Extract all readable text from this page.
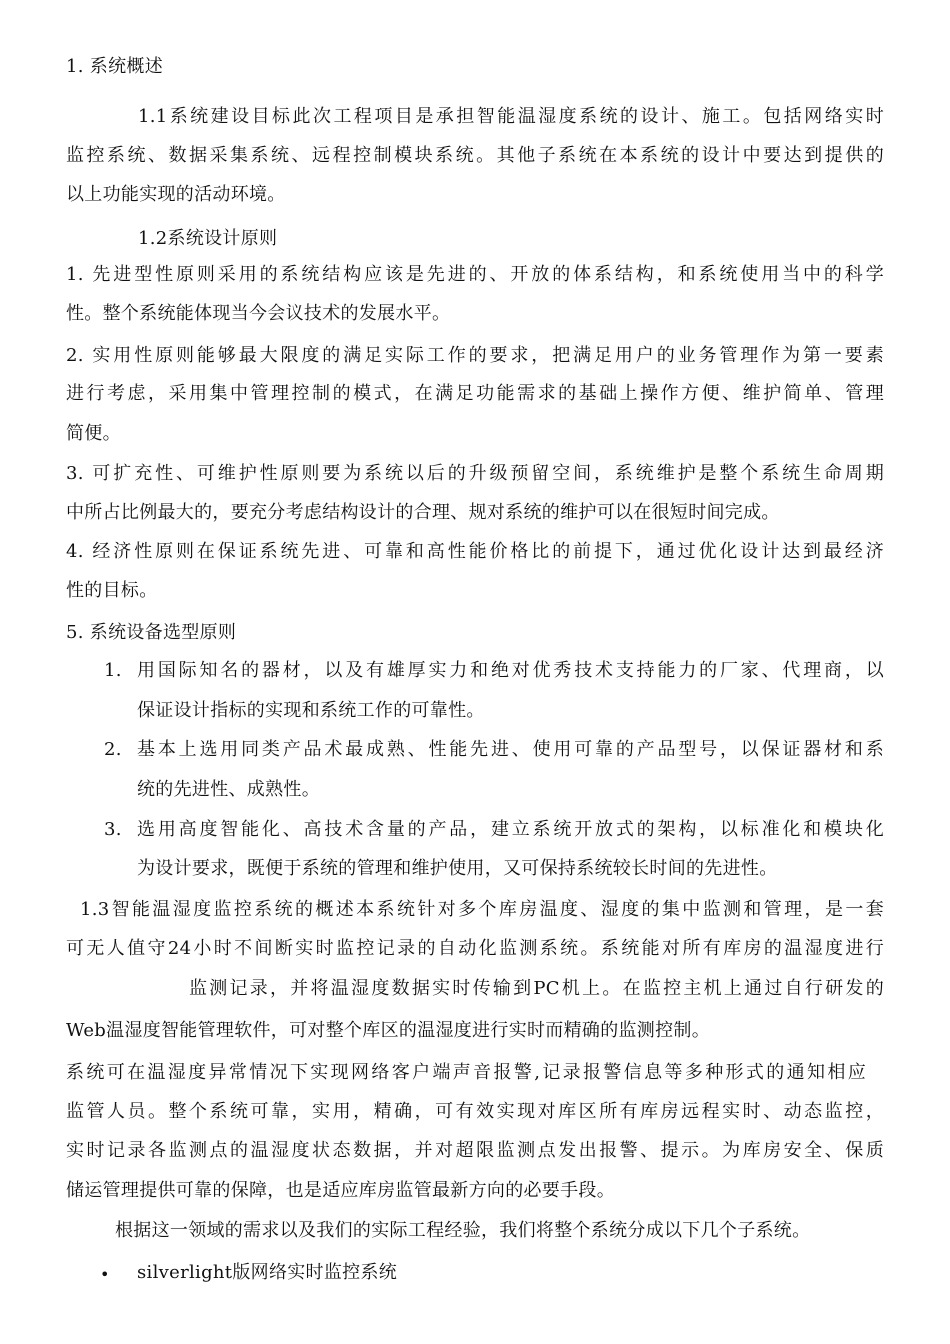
1. 系统概述
1.1系统建设目标此次工程项目是承担智能温湿度系统的设计、施工。包括网络实时
监控系统、数据采集系统、远程控制模块系统。其他子系统在本系统的设计中要达到提供的
以上功能实现的活动环境。
1.2系统设计原则
1. 先进型性原则采用的系统结构应该是先进的、开放的体系结构，和系统使用当中的科学
性。整个系统能体现当今会议技术的发展水平。
2. 实用性原则能够最大限度的满足实际工作的要求，把满足用户的业务管理作为第一要素
进行考虑，采用集中管理控制的模式，在满足功能需求的基础上操作方便、维护简单、管理
简便。
3. 可扩充性、可维护性原则要为系统以后的升级预留空间，系统维护是整个系统生命周期
中所占比例最大的，要充分考虑结构设计的合理、规对系统的维护可以在很短时间完成。
4. 经济性原则在保证系统先进、可靠和高性能价格比的前提下，通过优化设计达到最经济
性的目标。
5. 系统设备选型原则
1. 用国际知名的器材，以及有雄厚实力和绝对优秀技术支持能力的厂家、代理商，以
保证设计指标的实现和系统工作的可靠性。
2. 基本上选用同类产品术最成熟、性能先进、使用可靠的产品型号，以保证器材和系
统的先进性、成熟性。
3. 选用高度智能化、高技术含量的产品，建立系统开放式的架构，以标准化和模块化
为设计要求，既便于系统的管理和维护使用，又可保持系统较长时间的先进性。
1.3智能温湿度监控系统的概述本系统针对多个库房温度、湿度的集中监测和管理，是一套
可无人值守24小时不间断实时监控记录的自动化监测系统。系统能对所有库房的温湿度进行
监测记录，并将温湿度数据实时传输到PC机上。在监控主机上通过自行研发的
Web温湿度智能管理软件，可对整个库区的温湿度进行实时而精确的监测控制。
系统可在温湿度异常情况下实现网络客户端声音报警,记录报警信息等多种形式的通知相应
监管人员。整个系统可靠，实用，精确，可有效实现对库区所有库房远程实时、动态监控，
实时记录各监测点的温湿度状态数据，并对超限监测点发出报警、提示。为库房安全、保质
储运管理提供可靠的保障，也是适应库房监管最新方向的必要手段。
根据这一领域的需求以及我们的实际工程经验，我们将整个系统分成以下几个子系统。
• silverlight版网络实时监控系统
